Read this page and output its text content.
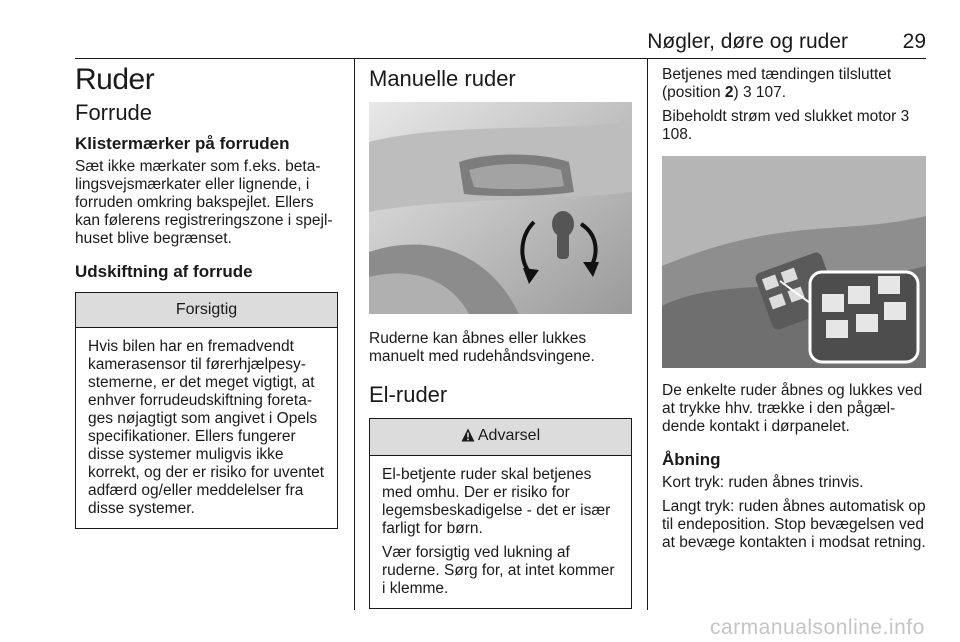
Nøgler, døre og ruder	29
Ruder
Forrude
Klistermærker på forruden

Sæt ikke mærkater som f.eks. betalingsvejsmærkater eller lignende, i forruden omkring bakspejlet. Ellers kan følerens registreringszone i spejlhuset blive begrænset.

Udskiftning af forrude
Forsigtig

Hvis bilen har en fremadvendt kamerasensor til førerhjælpesystemerne, er det meget vigtigt, at enhver forrudeudskiftning foretages nøjagtigt som angivet i Opels specifikationer. Ellers fungerer disse systemer muligvis ikke korrekt, og der er risiko for uventet adfærd og/eller meddelelser fra disse systemer.

Manuelle ruder

Ruderne kan åbnes eller lukkes manuelt med rudehåndsvingene.

El-ruder
Advarsel

El-betjente ruder skal betjenes med omhu. Der er risiko for legemsbeskadigelse - det er især farligt for børn.

Vær forsigtig ved lukning af ruderne. Sørg for, at intet kommer i klemme.

Betjenes med tændingen tilsluttet (position 2) 3 107.

Bibeholdt strøm ved slukket motor 3 108.

De enkelte ruder åbnes og lukkes ved at trykke hhv. trække i den pågældende kontakt i dørpanelet.

Åbning

Kort tryk: ruden åbnes trinvis.

Langt tryk: ruden åbnes automatisk op til endeposition. Stop bevægelsen ved at bevæge kontakten i modsat retning.

carmanualsonline.info
